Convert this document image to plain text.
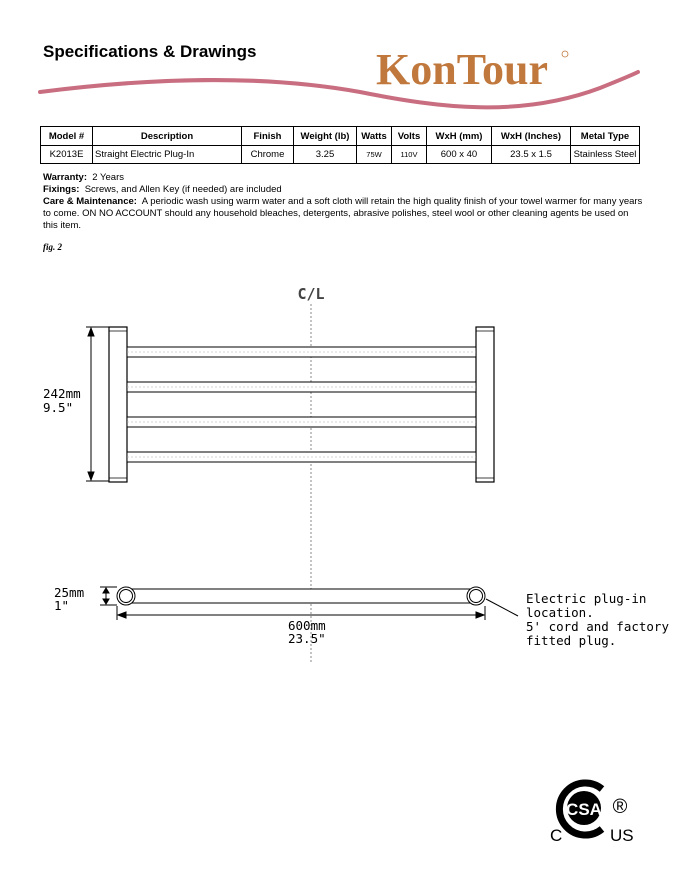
Specifications & Drawings	KonTour
Model #	Description	Finish	Weight (lb)	Watts	Volts	WxH (mm)	WxH (Inches)	Metal Type
K2013E	Straight Electric Plug-In	Chrome	3.25	75W	110V	600 x 40	23.5 x 1.5	Stainless Steel
Warranty: 2 Years
Fixings: Screws, and Allen Key (if needed) are included
Care & Maintenance: A periodic wash using warm water and a soft cloth will retain the high quality finish of your towel warmer for many years to come. ON NO ACCOUNT should any household bleaches, detergents, abrasive polishes, steel wool or other cleaning agents be used on this item.
fig. 2
C/L
242mm
9.5"
25mm
1"
600mm
23.5"
Electric plug-in
location.
5' cord and factory
fitted plug.
CSA ®
C	US
